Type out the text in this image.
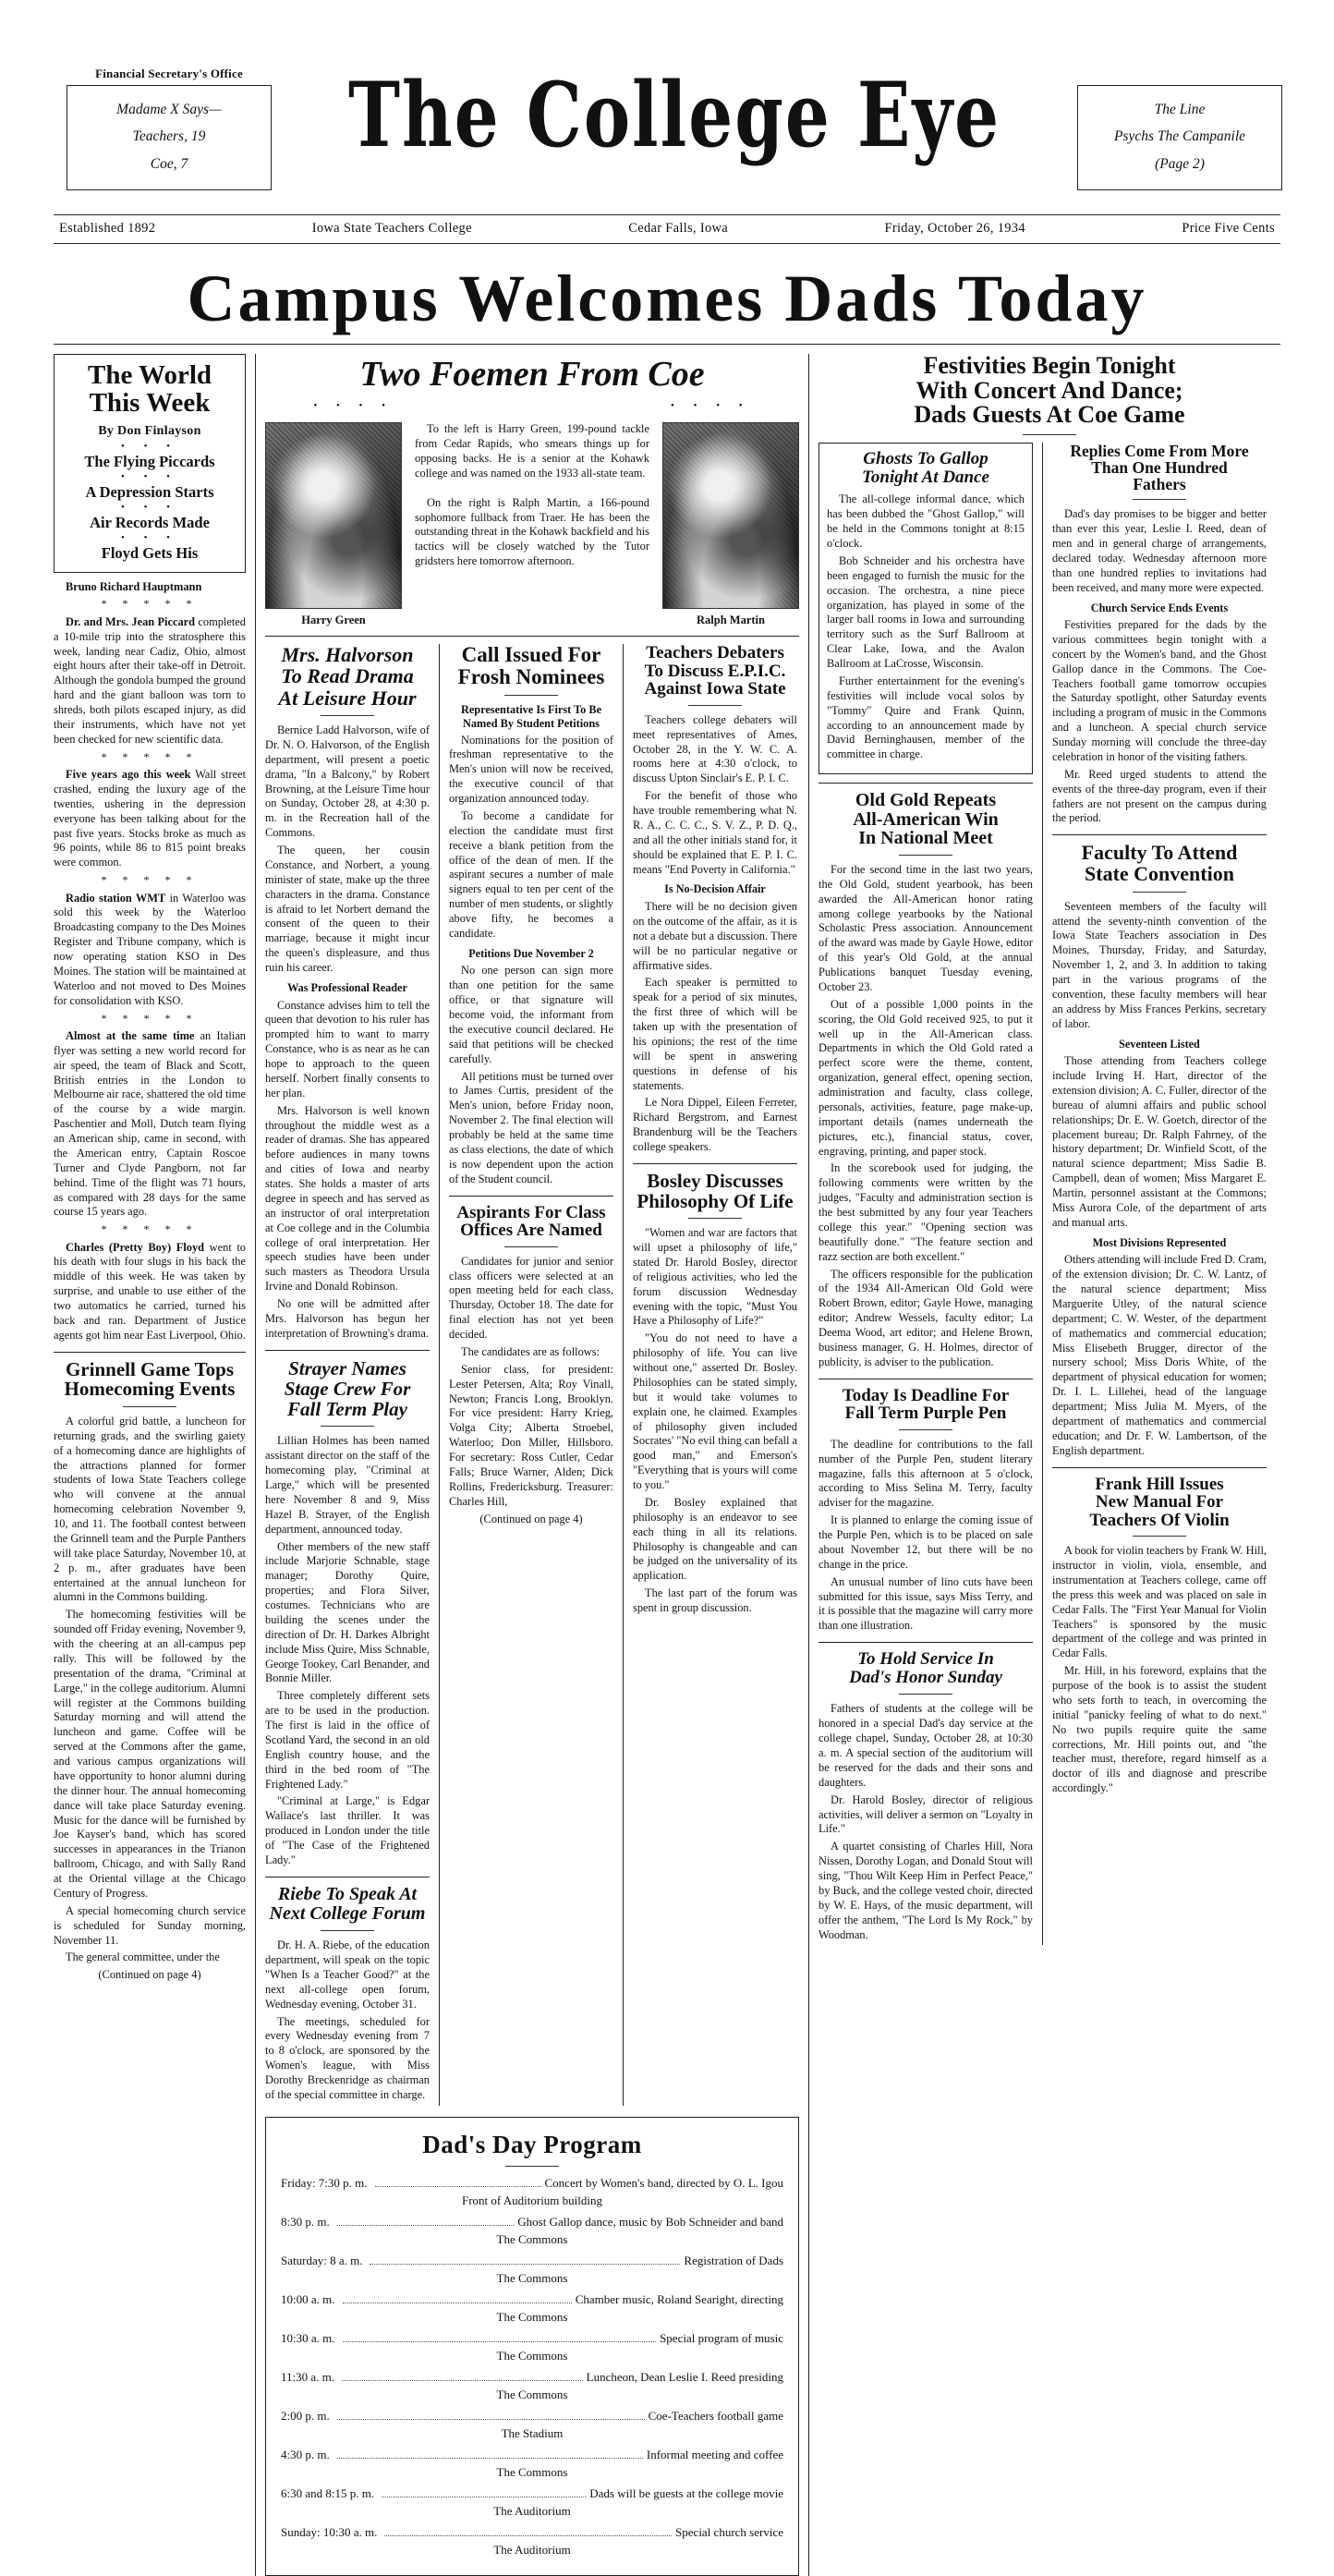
Financial Secretary's Office
Madame X Says—
Teachers, 19
Coe, 7	The College Eye	The Line
Psychs The Campanile
(Page 2)
Established 1892	Iowa State Teachers College	Cedar Falls, Iowa	Friday, October 26, 1934	Price Five Cents
Campus Welcomes Dads Today
The World
This Week
By Don Finlayson
• • •
The Flying Piccards
• • •
A Depression Starts
• • •
Air Records Made
• • •
Floyd Gets His

Bruno Richard Hauptmann

* * * * *

Dr. and Mrs. Jean Piccard completed a 10-mile trip into the stratosphere this week, landing near Cadiz, Ohio, almost eight hours after their take-off in Detroit. Although the gondola bumped the ground hard and the giant balloon was torn to shreds, both pilots escaped injury, as did their instruments, which have not yet been checked for new scientific data.

* * * * *

Five years ago this week Wall street crashed, ending the luxury age of the twenties, ushering in the depression everyone has been talking about for the past five years. Stocks broke as much as 96 points, while 86 to 815 point breaks were common.

* * * * *

Radio station WMT in Waterloo was sold this week by the Waterloo Broadcasting company to the Des Moines Register and Tribune company, which is now operating station KSO in Des Moines. The station will be maintained at Waterloo and not moved to Des Moines for consolidation with KSO.

* * * * *

Almost at the same time an Italian flyer was setting a new world record for air speed, the team of Black and Scott, British entries in the London to Melbourne air race, shattered the old time of the course by a wide margin. Paschentier and Moll, Dutch team flying an American ship, came in second, with the American entry, Captain Roscoe Turner and Clyde Pangborn, not far behind. Time of the flight was 71 hours, as compared with 28 days for the same course 15 years ago.

* * * * *

Charles (Pretty Boy) Floyd went to his death with four slugs in his back the middle of this week. He was taken by surprise, and unable to use either of the two automatics he carried, turned his back and ran. Department of Justice agents got him near East Liverpool, Ohio.

Grinnell Game Tops
Homecoming Events

A colorful grid battle, a luncheon for returning grads, and the swirling gaiety of a homecoming dance are highlights of the attractions planned for former students of Iowa State Teachers college who will convene at the annual homecoming celebration November 9, 10, and 11. The football contest between the Grinnell team and the Purple Panthers will take place Saturday, November 10, at 2 p. m., after graduates have been entertained at the annual luncheon for alumni in the Commons building.

The homecoming festivities will be sounded off Friday evening, November 9, with the cheering at an all-campus pep rally. This will be followed by the presentation of the drama, "Criminal at Large," in the college auditorium. Alumni will register at the Commons building Saturday morning and will attend the luncheon and game. Coffee will be served at the Commons after the game, and various campus organizations will have opportunity to honor alumni during the dinner hour. The annual homecoming dance will take place Saturday evening. Music for the dance will be furnished by Joe Kayser's band, which has scored successes in appearances in the Trianon ballroom, Chicago, and with Sally Rand at the Oriental village at the Chicago Century of Progress.

A special homecoming church service is scheduled for Sunday morning, November 11.

The general committee, under the

(Continued on page 4)

Two Foemen From Coe
• • • •	• • • •
Harry Green

To the left is Harry Green, 199-pound tackle from Cedar Rapids, who smears things up for opposing backs. He is a senior at the Kohawk college and was named on the 1933 all-state team.

On the right is Ralph Martin, a 166-pound sophomore fullback from Traer. He has been the outstanding threat in the Kohawk backfield and his tactics will be closely watched by the Tutor gridsters here tomorrow afternoon.

Ralph Martin
Mrs. Halvorson
To Read Drama
At Leisure Hour

Bernice Ladd Halvorson, wife of Dr. N. O. Halvorson, of the English department, will present a poetic drama, "In a Balcony," by Robert Browning, at the Leisure Time hour on Sunday, October 28, at 4:30 p. m. in the Recreation hall of the Commons.

The queen, her cousin Constance, and Norbert, a young minister of state, make up the three characters in the drama. Constance is afraid to let Norbert demand the consent of the queen to their marriage, because it might incur the queen's displeasure, and thus ruin his career.

Was Professional Reader

Constance advises him to tell the queen that devotion to his ruler has prompted him to want to marry Constance, who is as near as he can hope to approach to the queen herself. Norbert finally consents to her plan.

Mrs. Halvorson is well known throughout the middle west as a reader of dramas. She has appeared before audiences in many towns and cities of Iowa and nearby states. She holds a master of arts degree in speech and has served as an instructor of oral interpretation at Coe college and in the Columbia college of oral interpretation. Her speech studies have been under such masters as Theodora Ursula Irvine and Donald Robinson.

No one will be admitted after Mrs. Halvorson has begun her interpretation of Browning's drama.

Strayer Names
Stage Crew For
Fall Term Play

Lillian Holmes has been named assistant director on the staff of the homecoming play, "Criminal at Large," which will be presented here November 8 and 9, Miss Hazel B. Strayer, of the English department, announced today.

Other members of the new staff include Marjorie Schnable, stage manager; Dorothy Quire, properties; and Flora Silver, costumes. Technicians who are building the scenes under the direction of Dr. H. Darkes Albright include Miss Quire, Miss Schnable, George Tookey, Carl Benander, and Bonnie Miller.

Three completely different sets are to be used in the production. The first is laid in the office of Scotland Yard, the second in an old English country house, and the third in the bed room of "The Frightened Lady."

"Criminal at Large," is Edgar Wallace's last thriller. It was produced in London under the title of "The Case of the Frightened Lady."

Riebe To Speak At
Next College Forum

Dr. H. A. Riebe, of the education department, will speak on the topic "When Is a Teacher Good?" at the next all-college open forum, Wednesday evening, October 31.

The meetings, scheduled for every Wednesday evening from 7 to 8 o'clock, are sponsored by the Women's league, with Miss Dorothy Breckenridge as chairman of the special committee in charge.

Call Issued For
Frosh Nominees
Representative Is First To Be Named By Student Petitions

Nominations for the position of freshman representative to the Men's union will now be received, the executive council of that organization announced today.

To become a candidate for election the candidate must first receive a blank petition from the office of the dean of men. If the aspirant secures a number of male signers equal to ten per cent of the number of men students, or slightly above fifty, he becomes a candidate.

Petitions Due November 2

No one person can sign more than one petition for the same office, or that signature will become void, the informant from the executive council declared. He said that petitions will be checked carefully.

All petitions must be turned over to James Curtis, president of the Men's union, before Friday noon, November 2. The final election will probably be held at the same time as class elections, the date of which is now dependent upon the action of the Student council.

Aspirants For Class
Offices Are Named

Candidates for junior and senior class officers were selected at an open meeting held for each class, Thursday, October 18. The date for final election has not yet been decided.

The candidates are as follows:

Senior class, for president: Lester Petersen, Alta; Roy Vinall, Newton; Francis Long, Brooklyn. For vice president: Harry Krieg, Volga City; Alberta Stroebel, Waterloo; Don Miller, Hillsboro. For secretary: Ross Cutler, Cedar Falls; Bruce Warner, Alden; Dick Rollins, Fredericksburg. Treasurer: Charles Hill,

(Continued on page 4)

Teachers Debaters
To Discuss E.P.I.C.
Against Iowa State

Teachers college debaters will meet representatives of Ames, October 28, in the Y. W. C. A. rooms here at 4:30 o'clock, to discuss Upton Sinclair's E. P. I. C.

For the benefit of those who have trouble remembering what N. R. A., C. C. C., S. V. Z., P. D. Q., and all the other initials stand for, it should be explained that E. P. I. C. means "End Poverty in California."

Is No-Decision Affair

There will be no decision given on the outcome of the affair, as it is not a debate but a discussion. There will be no particular negative or affirmative sides.

Each speaker is permitted to speak for a period of six minutes, the first three of which will be taken up with the presentation of his opinions; the rest of the time will be spent in answering questions in defense of his statements.

Le Nora Dippel, Eileen Ferreter, Richard Bergstrom, and Earnest Brandenburg will be the Teachers college speakers.

Bosley Discusses
Philosophy Of Life

"Women and war are factors that will upset a philosophy of life," stated Dr. Harold Bosley, director of religious activities, who led the forum discussion Wednesday evening with the topic, "Must You Have a Philosophy of Life?"

"You do not need to have a philosophy of life. You can live without one," asserted Dr. Bosley. Philosophies can be stated simply, but it would take volumes to explain one, he claimed. Examples of philosophy given included Socrates' "No evil thing can befall a good man," and Emerson's "Everything that is yours will come to you."

Dr. Bosley explained that philosophy is an endeavor to see each thing in all its relations. Philosophy is changeable and can be judged on the universality of its application.

The last part of the forum was spent in group discussion.

Dad's Day Program
Friday: 7:30 p. m.	Concert by Women's band, directed by O. L. Igou
Front of Auditorium building
8:30 p. m.	Ghost Gallop dance, music by Bob Schneider and band
The Commons
Saturday: 8 a. m.	Registration of Dads
The Commons
10:00 a. m.	Chamber music, Roland Searight, directing
The Commons
10:30 a. m.	Special program of music
The Commons
11:30 a. m.	Luncheon, Dean Leslie I. Reed presiding
The Commons
2:00 p. m.	Coe-Teachers football game
The Stadium
4:30 p. m.	Informal meeting and coffee
The Commons
6:30 and 8:15 p. m.	Dads will be guests at the college movie
The Auditorium
Sunday: 10:30 a. m.	Special church service
The Auditorium
Festivities Begin Tonight
With Concert And Dance;
Dads Guests At Coe Game
Ghosts To Gallop
Tonight At Dance

The all-college informal dance, which has been dubbed the "Ghost Gallop," will be held in the Commons tonight at 8:15 o'clock.

Bob Schneider and his orchestra have been engaged to furnish the music for the occasion. The orchestra, a nine piece organization, has played in some of the larger ball rooms in Iowa and surrounding territory such as the Surf Ballroom at Clear Lake, Iowa, and the Avalon Ballroom at LaCrosse, Wisconsin.

Further entertainment for the evening's festivities will include vocal solos by "Tommy" Quire and Frank Quinn, according to an announcement made by David Berninghausen, member of the committee in charge.

Old Gold Repeats
All-American Win
In National Meet

For the second time in the last two years, the Old Gold, student yearbook, has been awarded the All-American honor rating among college yearbooks by the National Scholastic Press association. Announcement of the award was made by Gayle Howe, editor of this year's Old Gold, at the annual Publications banquet Tuesday evening, October 23.

Out of a possible 1,000 points in the scoring, the Old Gold received 925, to put it well up in the All-American class. Departments in which the Old Gold rated a perfect score were the theme, content, organization, general effect, opening section, administration and faculty, class college, personals, activities, feature, page make-up, important details (names underneath the pictures, etc.), financial status, cover, engraving, printing, and paper stock.

In the scorebook used for judging, the following comments were written by the judges, "Faculty and administration section is the best submitted by any four year Teachers college this year." "Opening section was beautifully done." "The feature section and razz section are both excellent."

The officers responsible for the publication of the 1934 All-American Old Gold were Robert Brown, editor; Gayle Howe, managing editor; Andrew Wessels, faculty editor; La Deema Wood, art editor; and Helene Brown, business manager, G. H. Holmes, director of publicity, is adviser to the publication.

Today Is Deadline For
Fall Term Purple Pen

The deadline for contributions to the fall number of the Purple Pen, student literary magazine, falls this afternoon at 5 o'clock, according to Miss Selina M. Terry, faculty adviser for the magazine.

It is planned to enlarge the coming issue of the Purple Pen, which is to be placed on sale about November 12, but there will be no change in the price.

An unusual number of lino cuts have been submitted for this issue, says Miss Terry, and it is possible that the magazine will carry more than one illustration.

To Hold Service In
Dad's Honor Sunday

Fathers of students at the college will be honored in a special Dad's day service at the college chapel, Sunday, October 28, at 10:30 a. m. A special section of the auditorium will be reserved for the dads and their sons and daughters.

Dr. Harold Bosley, director of religious activities, will deliver a sermon on "Loyalty in Life."

A quartet consisting of Charles Hill, Nora Nissen, Dorothy Logan, and Donald Stout will sing, "Thou Wilt Keep Him in Perfect Peace," by Buck, and the college vested choir, directed by W. E. Hays, of the music department, will offer the anthem, "The Lord Is My Rock," by Woodman.

Replies Come From More
Than One Hundred
Fathers

Dad's day promises to be bigger and better than ever this year, Leslie I. Reed, dean of men and in general charge of arrangements, declared today. Wednesday afternoon more than one hundred replies to invitations had been received, and many more were expected.

Church Service Ends Events

Festivities prepared for the dads by the various committees begin tonight with a concert by the Women's band, and the Ghost Gallop dance in the Commons. The Coe-Teachers football game tomorrow occupies the Saturday spotlight, other Saturday events including a program of music in the Commons and a luncheon. A special church service Sunday morning will conclude the three-day celebration in honor of the visiting fathers.

Mr. Reed urged students to attend the events of the three-day program, even if their fathers are not present on the campus during the period.

Faculty To Attend
State Convention

Seventeen members of the faculty will attend the seventy-ninth convention of the Iowa State Teachers association in Des Moines, Thursday, Friday, and Saturday, November 1, 2, and 3. In addition to taking part in the various programs of the convention, these faculty members will hear an address by Miss Frances Perkins, secretary of labor.

Seventeen Listed

Those attending from Teachers college include Irving H. Hart, director of the extension division; A. C. Fuller, director of the bureau of alumni affairs and public school relationships; Dr. E. W. Goetch, director of the placement bureau; Dr. Ralph Fahrney, of the history department; Dr. Winfield Scott, of the natural science department; Miss Sadie B. Campbell, dean of women; Miss Margaret E. Martin, personnel assistant at the Commons; Miss Aurora Cole, of the department of arts and manual arts.

Most Divisions Represented

Others attending will include Fred D. Cram, of the extension division; Dr. C. W. Lantz, of the natural science department; Miss Marguerite Utley, of the natural science department; C. W. Wester, of the department of mathematics and commercial education; Miss Elisebeth Brugger, director of the nursery school; Miss Doris White, of the department of physical education for women; Dr. I. L. Lillehei, head of the language department; Miss Julia M. Myers, of the department of mathematics and commercial education; and Dr. F. W. Lambertson, of the English department.

Frank Hill Issues
New Manual For
Teachers Of Violin

A book for violin teachers by Frank W. Hill, instructor in violin, viola, ensemble, and instrumentation at Teachers college, came off the press this week and was placed on sale in Cedar Falls. The "First Year Manual for Violin Teachers" is sponsored by the music department of the college and was printed in Cedar Falls.

Mr. Hill, in his foreword, explains that the purpose of the book is to assist the student who sets forth to teach, in overcoming the initial "panicky feeling of what to do next." No two pupils require quite the same corrections, Mr. Hill points out, and "the teacher must, therefore, regard himself as a doctor of ills and diagnose and prescribe accordingly."
